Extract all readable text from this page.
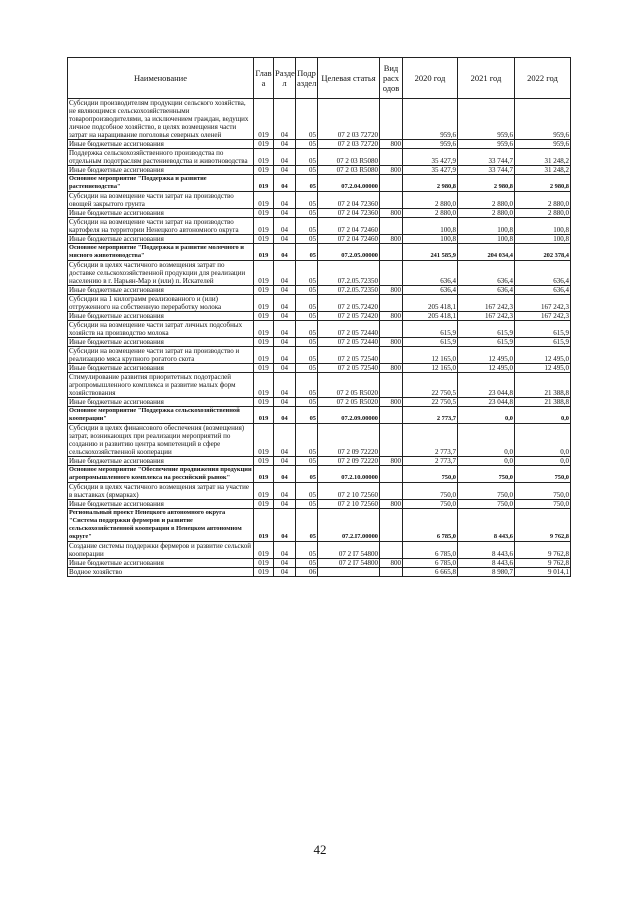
Наименование	Глав а	Разде л	Подр аздел	Целевая статья	Вид расх одов	2020 год	2021 год	2022 год
Субсидии производителям продукции сельского хозяйства, не являющимся сельскохозяйственными товаропроизводителями, за исключением граждан, ведущих личное подсобное хозяйство, в целях возмещения части затрат на наращивание поголовья северных оленей	019	04	05	07 2 03 72720		959,6	959,6	959,6
Иные бюджетные ассигнования	019	04	05	07 2 03 72720	800	959,6	959,6	959,6
Поддержка сельскохозяйственного производства по отдельным подотраслям растениеводства и животноводства	019	04	05	07 2 03 R5080		35 427,9	33 744,7	31 248,2
Иные бюджетные ассигнования	019	04	05	07 2 03 R5080	800	35 427,9	33 744,7	31 248,2
Основное мероприятие "Поддержка и развитие растениеводства"	019	04	05	07.2.04.00000		2 980,8	2 980,8	2 980,8
Субсидии на возмещение части затрат на производство овощей закрытого грунта	019	04	05	07 2 04 72360		2 880,0	2 880,0	2 880,0
Иные бюджетные ассигнования	019	04	05	07 2 04 72360	800	2 880,0	2 880,0	2 880,0
Субсидии на возмещение части затрат на производство картофеля на территории Ненецкого автономного округа	019	04	05	07 2 04 72460		100,8	100,8	100,8
Иные бюджетные ассигнования	019	04	05	07 2 04 72460	800	100,8	100,8	100,8
Основное мероприятие "Поддержка и развитие молочного и мясного животноводства"	019	04	05	07.2.05.00000		241 585,9	204 034,4	202 378,4
Субсидии в целях частичного возмещения затрат по доставке сельскохозяйственной продукции для реализации населению в г. Нарьян-Мар и (или) п. Искателей	019	04	05	07.2.05.72350		636,4	636,4	636,4
Иные бюджетные ассигнования	019	04	05	07.2.05.72350	800	636,4	636,4	636,4
Субсидии на 1 килограмм реализованного и (или) отгруженного на собственную переработку молока	019	04	05	07 2 05.72420		205 418,1	167 242,3	167 242,3
Иные бюджетные ассигнования	019	04	05	07 2 05 72420	800	205 418,1	167 242,3	167 242,3
Субсидии на возмещение части затрат личных подсобных хозяйств на производство молока	019	04	05	07 2 05 72440		615,9	615,9	615,9
Иные бюджетные ассигнования	019	04	05	07 2 05 72440	800	615,9	615,9	615,9
Субсидии на возмещение части затрат на производство и реализацию мяса крупного рогатого скота	019	04	05	07 2 05 72540		12 165,0	12 495,0	12 495,0
Иные бюджетные ассигнования	019	04	05	07 2 05 72540	800	12 165,0	12 495,0	12 495,0
Стимулирование развития приоритетных подотраслей агропромышленного комплекса и развитие малых форм хозяйствования	019	04	05	07 2 05 R5020		22 750,5	23 044,8	21 388,8
Иные бюджетные ассигнования	019	04	05	07 2 05 R5020	800	22 750,5	23 044,8	21 388,8
Основное мероприятие "Поддержка сельскохозяйственной кооперации"	019	04	05	07.2.09.00000		2 773,7	0,0	0,0
Субсидии в целях финансового обеспечения (возмещения) затрат, возникающих при реализации мероприятий по созданию и развитию центра компетенций в сфере сельскохозяйственной кооперации	019	04	05	07 2 09 72220		2 773,7	0,0	0,0
Иные бюджетные ассигнования	019	04	05	07 2 09 72220	800	2 773,7	0,0	0,0
Основное мероприятие "Обеспечение продвижения продукции агропромышленного комплекса на российский рынок"	019	04	05	07.2.10.00000		750,0	750,0	750,0
Субсидии в целях частичного возмещения затрат на участие в выставках (ярмарках)	019	04	05	07 2 10 72560		750,0	750,0	750,0
Иные бюджетные ассигнования	019	04	05	07 2 10 72560	800	750,0	750,0	750,0
Региональный проект Ненецкого автономного округа "Система поддержки фермеров и развитие сельскохозяйственной кооперации в Ненецком автономном округе"	019	04	05	07.2.I7.00000		6 785,0	8 443,6	9 762,8
Создание системы поддержки фермеров и развитие сельской кооперации	019	04	05	07 2 I7 54800		6 785,0	8 443,6	9 762,8
Иные бюджетные ассигнования	019	04	05	07 2 I7 54800	800	6 785,0	8 443,6	9 762,8
Водное хозяйство	019	04	06			6 665,8	8 980,7	9 014,1
42
